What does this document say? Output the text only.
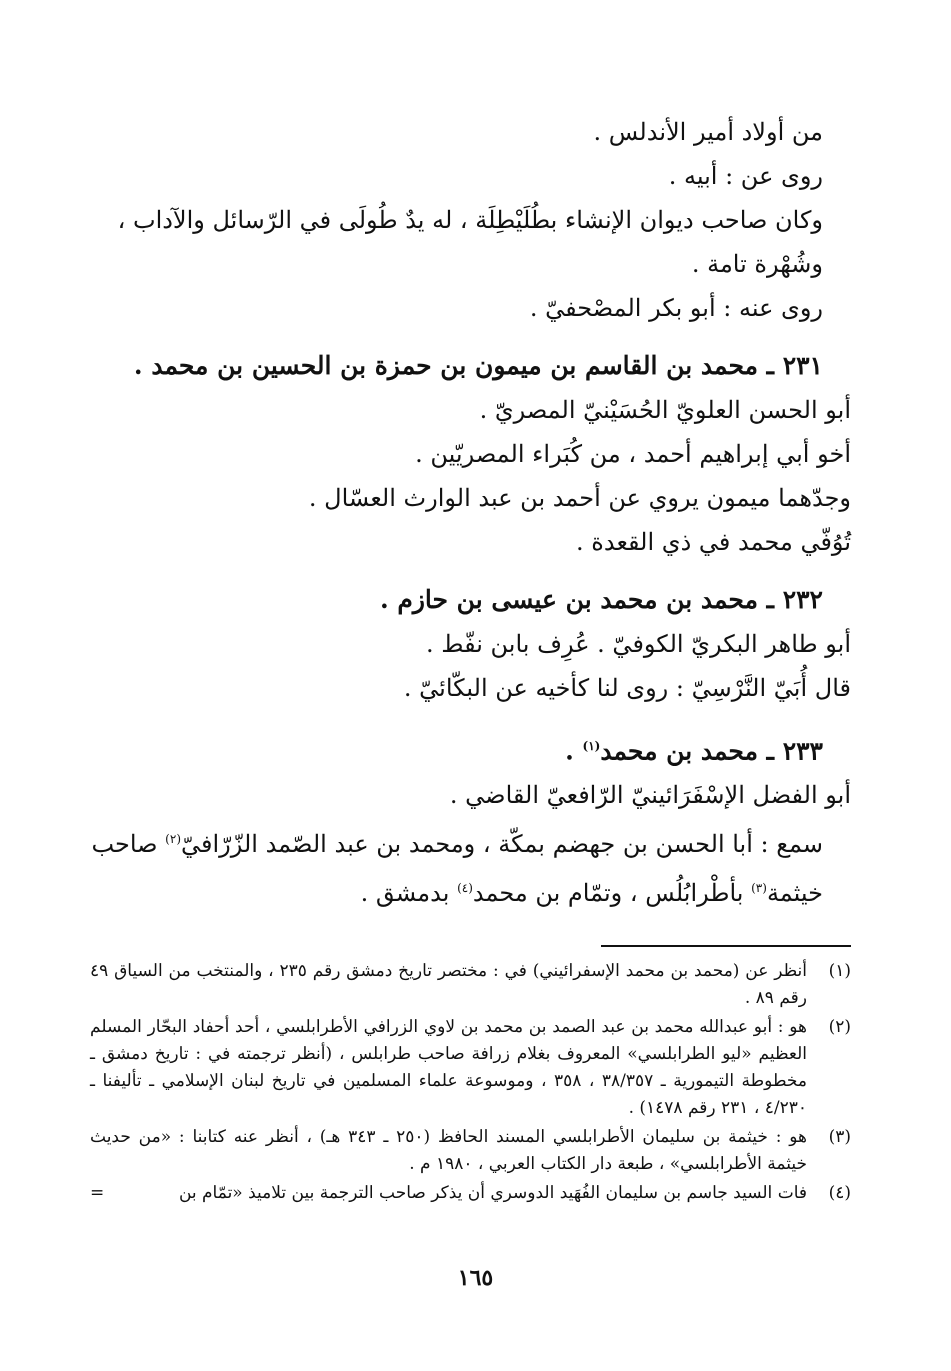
من أولاد أمير الأندلس .
روى عن : أبيه .
وكان صاحب ديوان الإنشاء بطُلَيْطِلَة ، له يدٌ طُولَى في الرّسائل والآداب ، وشُهْرة تامة .
روى عنه : أبو بكر المصْحفيّ .
٢٣١ ـ محمد بن القاسم بن ميمون بن حمزة بن الحسين بن محمد .
أبو الحسن العلويّ الحُسَيْنيّ المصريّ .
أخو أبي إبراهيم أحمد ، من كُبَراء المصريّين .
وجدّهما ميمون يروي عن أحمد بن عبد الوارث العسّال .
تُوُفّي محمد في ذي القعدة .
٢٣٢ ـ محمد بن محمد بن عيسى بن حازم .
أبو طاهر البكريّ الكوفيّ . عُرِف بابن نفّط .
قال أُبَيّ النَّرْسِيّ : روى لنا كأخيه عن البكّائيّ .
٢٣٣ ـ محمد بن محمد$^{(١)}$ .
أبو الفضل الإسْفَرَائينيّ الرّافعيّ القاضي .
سمع : أبا الحسن بن جهضم بمكّة ، ومحمد بن عبد الصّمد الزّرّافيّ$^{(٢)}$ صاحب خيثمة$^{(٣)}$ بأطْرابُلُس ، وتمّام بن محمد$^{(٤)}$ بدمشق .
(١)
أنظر عن (محمد بن محمد الإسفرائيني) في : مختصر تاريخ دمشق رقم ٢٣٥ ، والمنتخب من السياق ٤٩ رقم ٨٩ .
(٢)
هو : أبو عبدالله محمد بن عبد الصمد بن محمد بن لاوي الزرافي الأطرابلسي ، أحد أحفاد البحّار المسلم العظيم «ليو الطرابلسي» المعروف بغلام زرافة صاحب طرابلس ، (أنظر ترجمته في : تاريخ دمشق ـ مخطوطة التيمورية ـ ٣٨/٣٥٧ ، ٣٥٨ ، وموسوعة علماء المسلمين في تاريخ لبنان الإسلامي ـ تأليفنا ـ ٤/٢٣٠ ، ٢٣١ رقم ١٤٧٨) .
(٣)
هو : خيثمة بن سليمان الأطرابلسي المسند الحافظ (٢٥٠ ـ ٣٤٣ هـ) ، أنظر عنه كتابنا : «من حديث خيثمة الأطرابلسي» ، طبعة دار الكتاب العربي ، ١٩٨٠ م .
(٤)
فات السيد جاسم بن سليمان الفُهَيد الدوسري أن يذكر صاحب الترجمة بين تلاميذ «تمّام بن
=
١٦٥
